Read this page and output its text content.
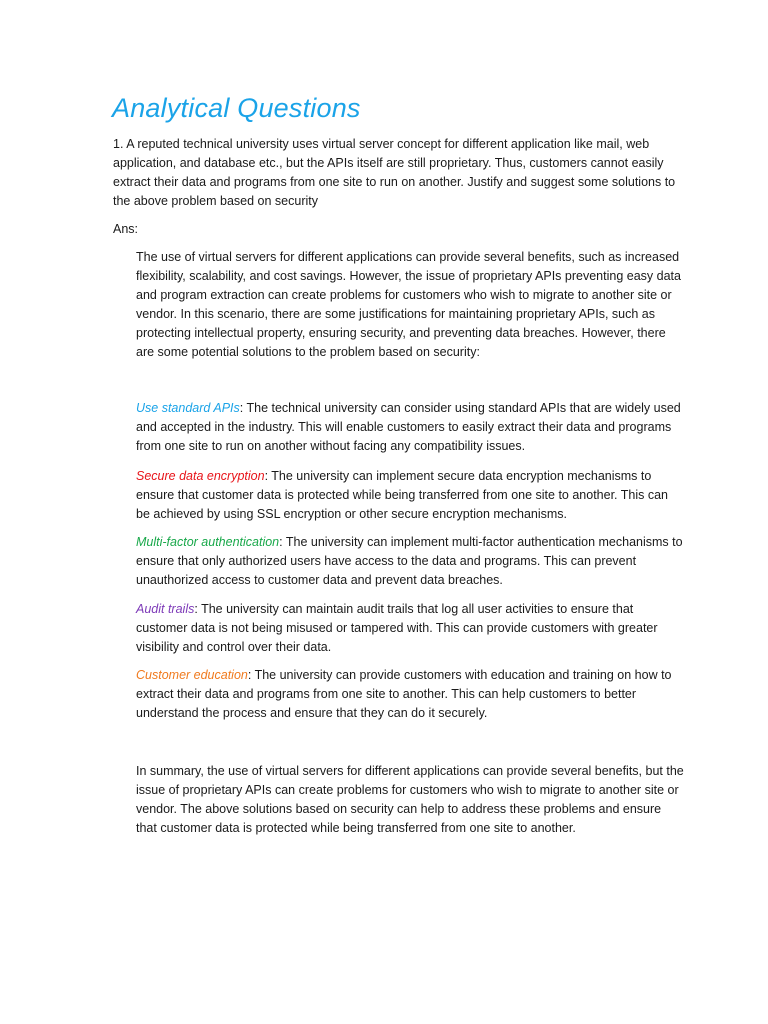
Analytical Questions

1. A reputed technical university uses virtual server concept for different application like mail, web application, and database etc., but the APIs itself are still proprietary. Thus, customers cannot easily extract their data and programs from one site to run on another. Justify and suggest some solutions to the above problem based on security

Ans:

The use of virtual servers for different applications can provide several benefits, such as increased flexibility, scalability, and cost savings. However, the issue of proprietary APIs preventing easy data and program extraction can create problems for customers who wish to migrate to another site or vendor. In this scenario, there are some justifications for maintaining proprietary APIs, such as protecting intellectual property, ensuring security, and preventing data breaches. However, there are some potential solutions to the problem based on security:

Use standard APIs: The technical university can consider using standard APIs that are widely used and accepted in the industry. This will enable customers to easily extract their data and programs from one site to run on another without facing any compatibility issues.

Secure data encryption: The university can implement secure data encryption mechanisms to ensure that customer data is protected while being transferred from one site to another. This can be achieved by using SSL encryption or other secure encryption mechanisms.

Multi-factor authentication: The university can implement multi-factor authentication mechanisms to ensure that only authorized users have access to the data and programs. This can prevent unauthorized access to customer data and prevent data breaches.

Audit trails: The university can maintain audit trails that log all user activities to ensure that customer data is not being misused or tampered with. This can provide customers with greater visibility and control over their data.

Customer education: The university can provide customers with education and training on how to extract their data and programs from one site to another. This can help customers to better understand the process and ensure that they can do it securely.

In summary, the use of virtual servers for different applications can provide several benefits, but the issue of proprietary APIs can create problems for customers who wish to migrate to another site or vendor. The above solutions based on security can help to address these problems and ensure that customer data is protected while being transferred from one site to another.
